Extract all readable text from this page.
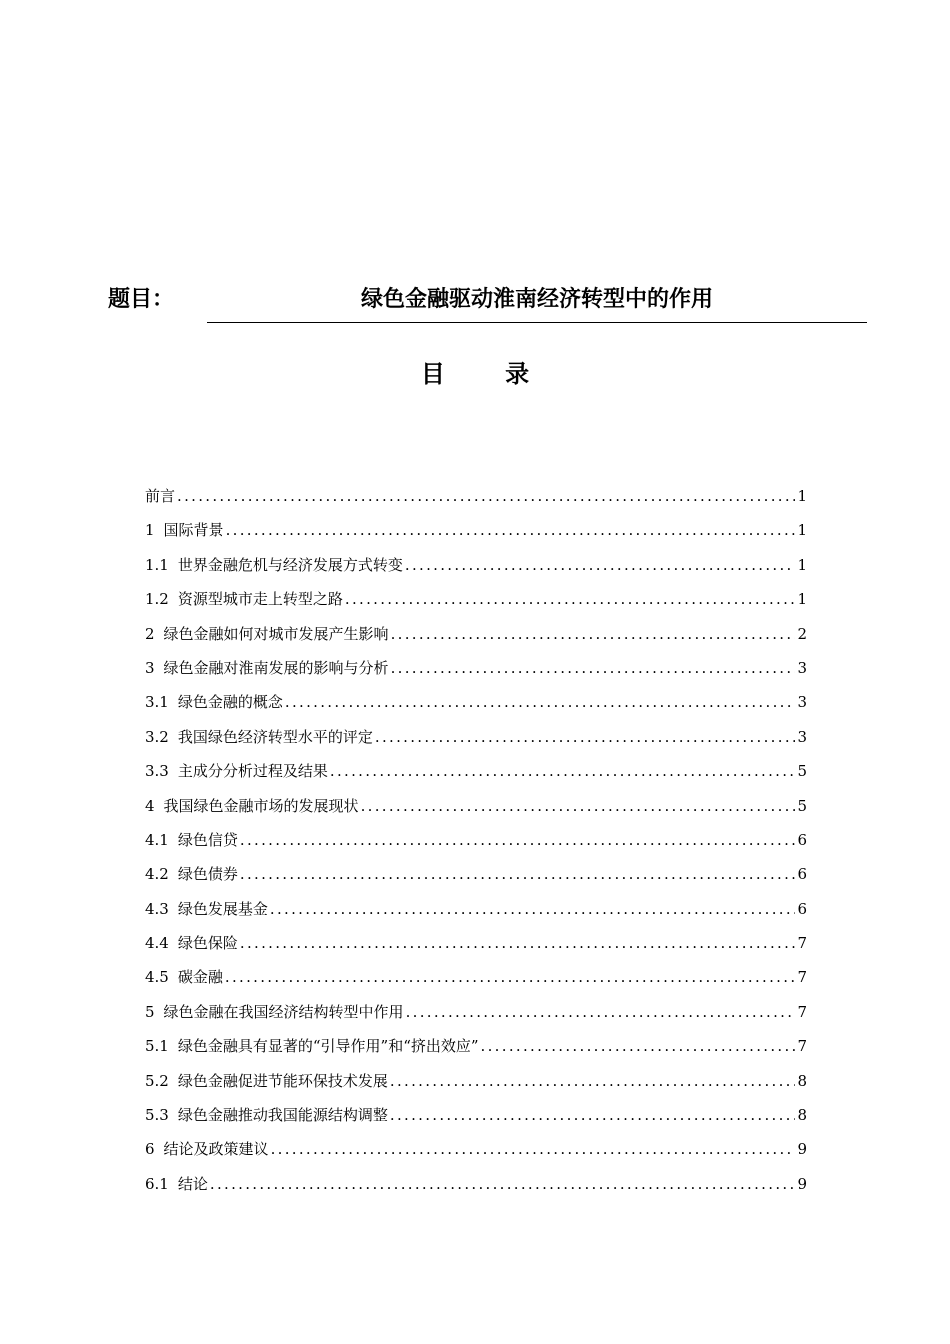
题目：	绿色金融驱动淮南经济转型中的作用
目 录
前言 .....	1
1 国际背景 .....	1
1.1 世界金融危机与经济发展方式转变 .....	1
1.2 资源型城市走上转型之路 .....	1
2 绿色金融如何对城市发展产生影响 .....	2
3 绿色金融对淮南发展的影响与分析 .....	3
3.1 绿色金融的概念 .....	3
3.2 我国绿色经济转型水平的评定 .....	3
3.3 主成分分析过程及结果 .....	5
4 我国绿色金融市场的发展现状 .....	5
4.1 绿色信贷 .....	6
4.2 绿色债券 .....	6
4.3 绿色发展基金 .....	6
4.4 绿色保险 .....	7
4.5 碳金融 .....	7
5 绿色金融在我国经济结构转型中作用 .....	7
5.1 绿色金融具有显著的“引导作用”和“挤出效应” .....	7
5.2 绿色金融促进节能环保技术发展 .....	8
5.3 绿色金融推动我国能源结构调整 .....	8
6 结论及政策建议 .....	9
6.1 结论 .....	9
